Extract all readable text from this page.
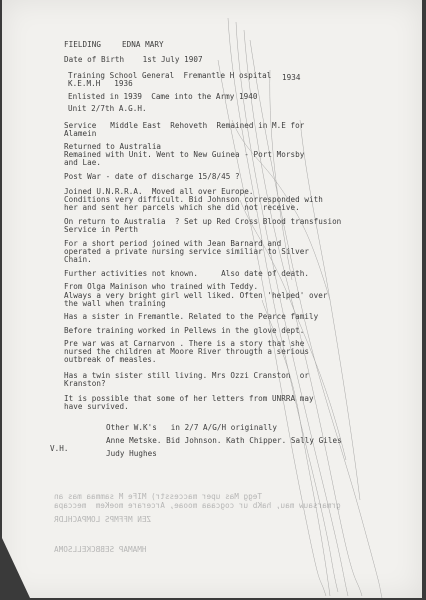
FIELDING	EDNA MARY
Date of Birth    1st July 1907
Training School General  Fremantle H ospital 1934
K.E.M.H   1936
Enlisted in 1939  Came into the Army 1940
Unit 2/7th A.G.H.
Service   Middle East  Rehoveth  Remained in M.E for
Alamein
Returned to Australia
Remained with Unit. Went to New Guinea - Port Morsby
and Lae.
Post War - date of discharge 15/8/45 ?
Joined U.N.R.R.A.  Moved all over Europe.
Conditions very difficult. Bid Johnson corresponded with
her and sent her parcels which she did not receive.
On return to Australia  ? Set up Red Cross Blood transfusion
Service in Perth
For a short period joined with Jean Barnard and
operated a private nursing service similiar to Silver
Chain.
Further activities not known.     Also date of death.
From Olga Mainison who trained with Teddy.
Always a very bright girl well liked. Often 'helped' over
the wall when training
Has a sister in Fremantle. Related to the Pearce family
Before training worked in Pellews in the glove dept.
Pre war was at Carnarvon . There is a story that she
nursed the children at Moore River througth a serious
outbreak of measles.
Has a twin sister still living. Mrs Ozzi Cranston  or
Kranston?
It is possible that some of her letters from UNRRA may
have survived.
Other W.K's   in 2/7 A/G/H originally
Anne Metske. Bid Johnson. Kath Chipper. Sally Giles
V.H.
Judy Hughes
Tegg Mas uper maccesstr) MIFe M sammaa mas an
grmarsauw mau, haKb ur cogcaaa mooae, Arcerare moeKem  meccapa
ZEN MFFMPS LOMPACHLDR
HMAMAP SEBBCKELLSOMA
